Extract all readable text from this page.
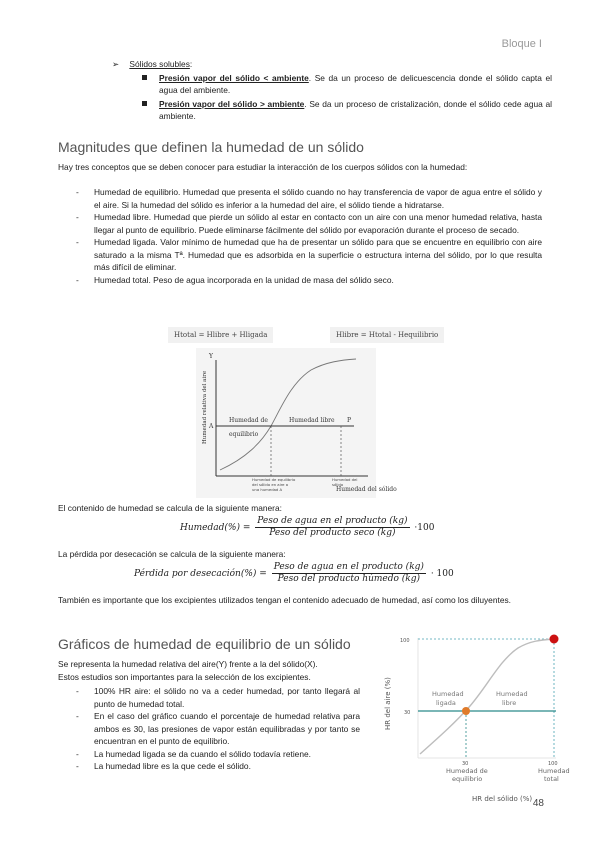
Bloque I
➢ Sólidos solubles:
Presión vapor del sólido < ambiente. Se da un proceso de delicuescencia donde el sólido capta el agua del ambiente.
Presión vapor del sólido > ambiente. Se da un proceso de cristalización, donde el sólido cede agua al ambiente.
Magnitudes que definen la humedad de un sólido
Hay tres conceptos que se deben conocer para estudiar la interacción de los cuerpos sólidos con la humedad:
- Humedad de equilibrio. Humedad que presenta el sólido cuando no hay transferencia de vapor de agua entre el sólido y el aire. Si la humedad del sólido es inferior a la humedad del aire, el sólido tiende a hidratarse.
- Humedad libre. Humedad que pierde un sólido al estar en contacto con un aire con una menor humedad relativa, hasta llegar al punto de equilibrio. Puede eliminarse fácilmente del sólido por evaporación durante el proceso de secado.
- Humedad ligada. Valor mínimo de humedad que ha de presentar un sólido para que se encuentre en equilibrio con aire saturado a la misma Tª. Humedad que es adsorbida en la superficie o estructura interna del sólido, por lo que resulta más difícil de eliminar.
- Humedad total. Peso de agua incorporada en la unidad de masa del sólido seco.
Htotal = Hlibre + Hligada	Hlibre = Htotal - Hequilibrio
Y
A
P
Humedad de
equilibrio
Humedad libre
Humedad relativa del aire
Humedad del sólido
Humedad de equilibrio
del sólido en aire a
una humedad A
Humedad del
sólido
El contenido de humedad se calcula de la siguiente manera:
Humedad(%) = $\frac{\text{Peso de agua en el producto (kg)}}{\text{Peso del producto seco (kg)}} \cdot 100$
La pérdida por desecación se calcula de la siguiente manera:
Pérdida por desecación(%) = $\frac{\text{Peso de agua en el producto (kg)}}{\text{Peso del producto húmedo (kg)}} \cdot 100$
También es importante que los excipientes utilizados tengan el contenido adecuado de humedad, así como los diluyentes.
Gráficos de humedad de equilibrio de un sólido
Se representa la humedad relativa del aire(Y) frente a la del sólido(X).
Estos estudios son importantes para la selección de los excipientes.
- 100% HR aire: el sólido no va a ceder humedad, por tanto llegará al punto de humedad total.
- En el caso del gráfico cuando el porcentaje de humedad relativa para ambos es 30, las presiones de vapor están equilibradas y por tanto se encuentran en el punto de equilibrio.
- La humedad ligada se da cuando el sólido todavía retiene.
- La humedad libre es la que cede el sólido.
100
30
Humedad
ligada
Humedad
libre
30
Humedad de
equilibrio
100
Humedad
total
HR del aire (%)
HR del sólido (%) 48
